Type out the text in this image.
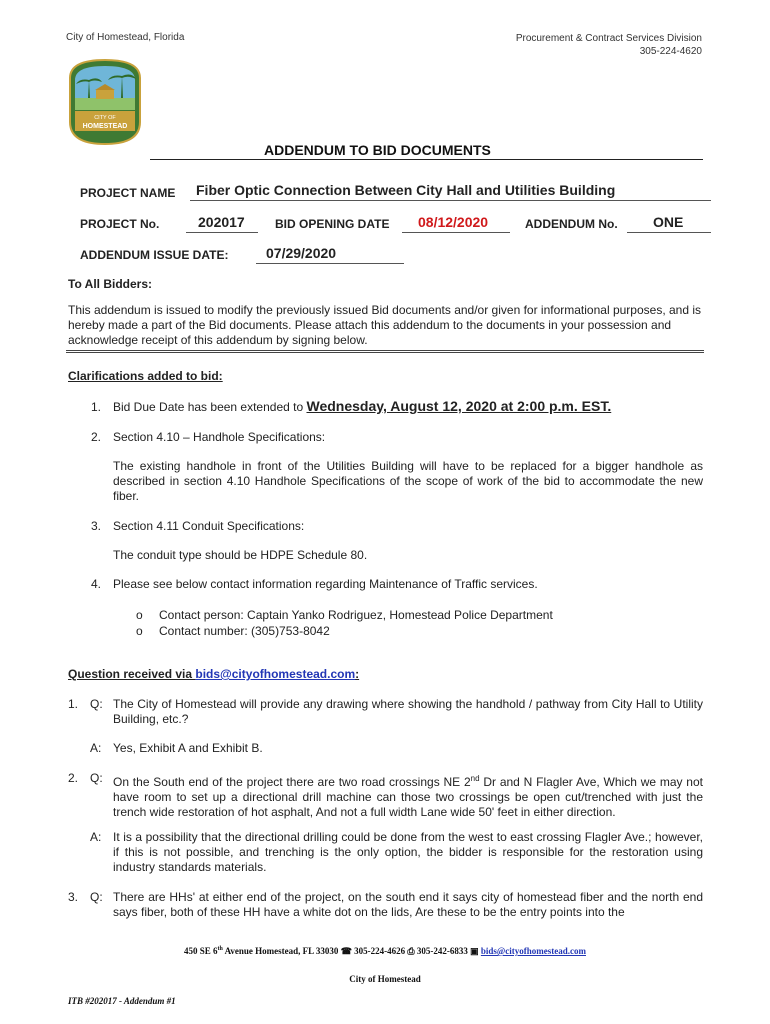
City of Homestead, Florida	Procurement & Contract Services Division
305-224-4620
CITY OF
HOMESTEAD
ADDENDUM TO BID DOCUMENTS
PROJECT NAME Fiber Optic Connection Between City Hall and Utilities Building
PROJECT No.	202017	BID OPENING DATE 08/12/2020	ADDENDUM No.	ONE
ADDENDUM ISSUE DATE:	07/29/2020
To All Bidders:
This addendum is issued to modify the previously issued Bid documents and/or given for informational purposes, and is hereby made a part of the Bid documents. Please attach this addendum to the documents in your possession and acknowledge receipt of this addendum by signing below.
Clarifications added to bid:
1. Bid Due Date has been extended to Wednesday, August 12, 2020 at 2:00 p.m. EST.
2. Section 4.10 – Handhole Specifications:
The existing handhole in front of the Utilities Building will have to be replaced for a bigger handhole as described in section 4.10 Handhole Specifications of the scope of work of the bid to accommodate the new fiber.
3. Section 4.11 Conduit Specifications:
The conduit type should be HDPE Schedule 80.
4. Please see below contact information regarding Maintenance of Traffic services.
o Contact person: Captain Yanko Rodriguez, Homestead Police Department
o Contact number: (305)753-8042
Question received via bids@cityofhomestead.com:
1. Q: The City of Homestead will provide any drawing where showing the handhold / pathway from City Hall to Utility Building, etc.?
A: Yes, Exhibit A and Exhibit B.
2. Q: On the South end of the project there are two road crossings NE 2nd Dr and N Flagler Ave, Which we may not have room to set up a directional drill machine can those two crossings be open cut/trenched with just the trench wide restoration of hot asphalt, And not a full width Lane wide 50' feet in either direction.
A: It is a possibility that the directional drilling could be done from the west to east crossing Flagler Ave.; however, if this is not possible, and trenching is the only option, the bidder is responsible for the restoration using industry standards materials.
3. Q: There are HHs' at either end of the project, on the south end it says city of homestead fiber and the north end says fiber, both of these HH have a white dot on the lids, Are these to be the entry points into the
450 SE 6th Avenue Homestead, FL 33030 ☎ 305-224-4626 ⎙ 305-242-6833 ▣ bids@cityofhomestead.com
City of Homestead
ITB #202017 - Addendum #1
